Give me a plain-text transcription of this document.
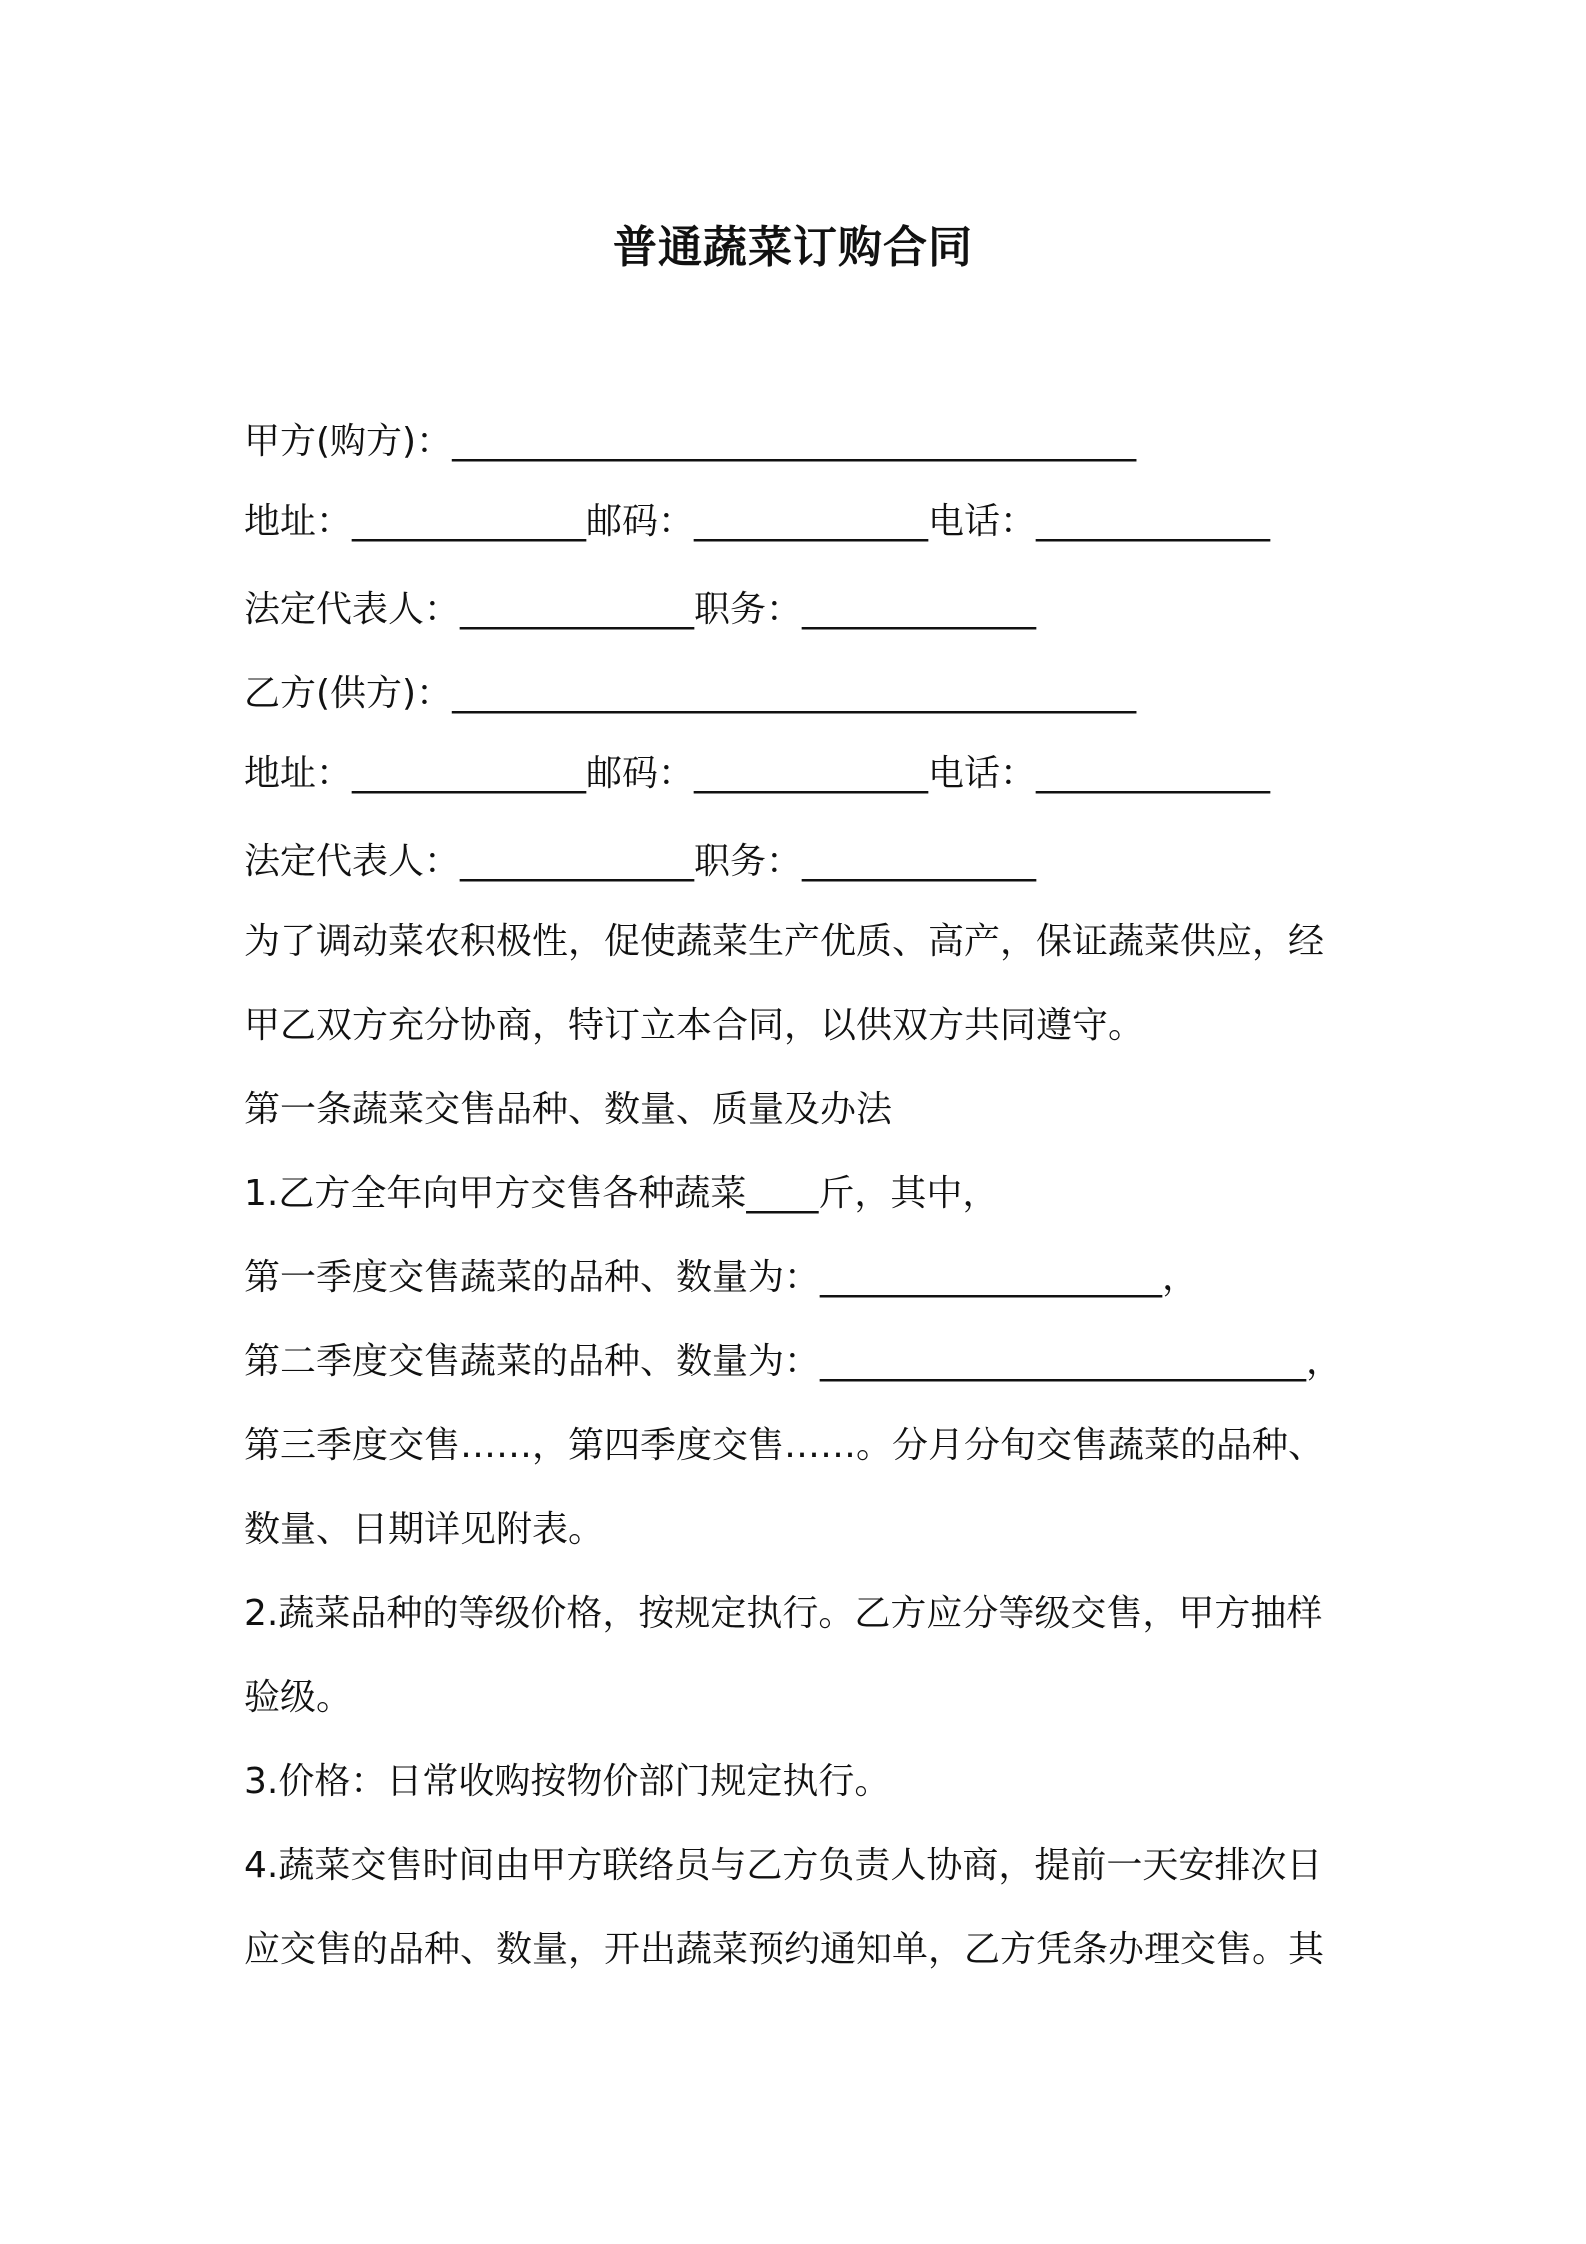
普通蔬菜订购合同
甲方(购方)：______________________________________
地址：_____________邮码：_____________电话：_____________
法定代表人：_____________职务：_____________
乙方(供方)：______________________________________
地址：_____________邮码：_____________电话：_____________
法定代表人：_____________职务：_____________
为了调动菜农积极性，促使蔬菜生产优质、高产，保证蔬菜供应，经
甲乙双方充分协商，特订立本合同，以供双方共同遵守。
第一条蔬菜交售品种、数量、质量及办法
1.乙方全年向甲方交售各种蔬菜____斤，其中，
第一季度交售蔬菜的品种、数量为：___________________，
第二季度交售蔬菜的品种、数量为：___________________________，
第三季度交售……，第四季度交售……。分月分旬交售蔬菜的品种、
数量、日期详见附表。
2.蔬菜品种的等级价格，按规定执行。乙方应分等级交售，甲方抽样
验级。
3.价格：日常收购按物价部门规定执行。
4.蔬菜交售时间由甲方联络员与乙方负责人协商，提前一天安排次日
应交售的品种、数量，开出蔬菜预约通知单，乙方凭条办理交售。其
